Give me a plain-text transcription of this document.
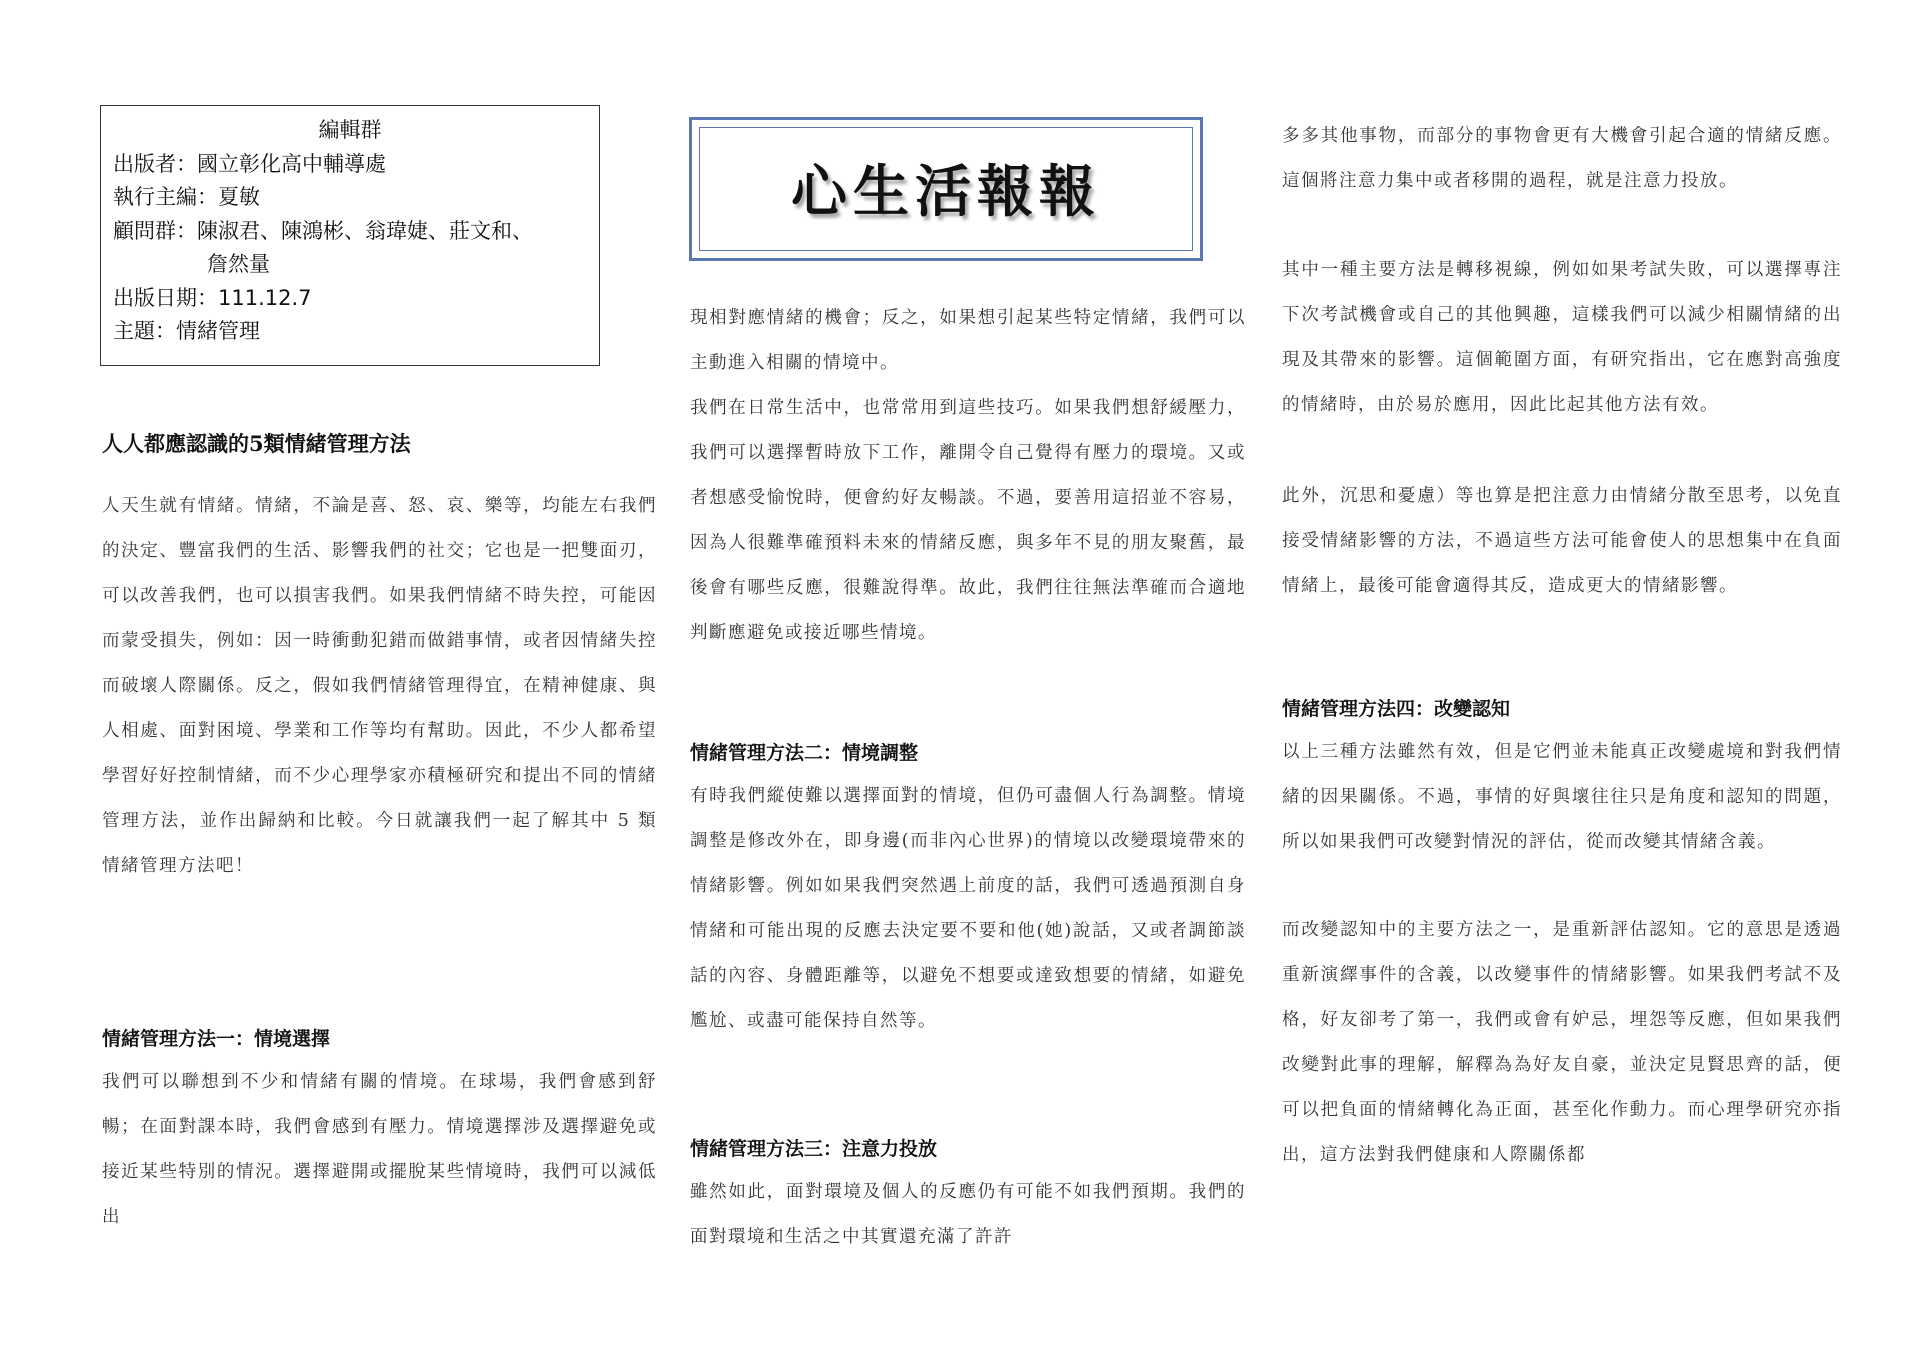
編輯群
出版者：國立彰化高中輔導處
執行主編：夏敏
顧問群：陳淑君、陳鴻彬、翁瑋婕、莊文和、
詹然量
出版日期：111.12.7
主題：情緒管理
心生活報報
人人都應認識的5類情緒管理方法

人天生就有情緒。情緒，不論是喜、怒、哀、樂等，均能左右我們的決定、豐富我們的生活、影響我們的社交；它也是一把雙面刃，可以改善我們，也可以損害我們。如果我們情緒不時失控，可能因而蒙受損失，例如：因一時衝動犯錯而做錯事情，或者因情緒失控而破壞人際關係。反之，假如我們情緒管理得宜，在精神健康、與人相處、面對困境、學業和工作等均有幫助。因此，不少人都希望學習好好控制情緒，而不少心理學家亦積極研究和提出不同的情緒管理方法，並作出歸納和比較。今日就讓我們一起了解其中 5 類情緒管理方法吧！

情緒管理方法一：情境選擇

我們可以聯想到不少和情緒有關的情境。在球場，我們會感到舒暢；在面對課本時，我們會感到有壓力。情境選擇涉及選擇避免或接近某些特別的情況。選擇避開或擺脫某些情境時，我們可以減低出

現相對應情緒的機會；反之，如果想引起某些特定情緒，我們可以主動進入相關的情境中。

我們在日常生活中，也常常用到這些技巧。如果我們想舒緩壓力，我們可以選擇暫時放下工作，離開令自己覺得有壓力的環境。又或者想感受愉悅時，便會約好友暢談。不過，要善用這招並不容易，因為人很難準確預料未來的情緒反應，與多年不見的朋友聚舊，最後會有哪些反應，很難說得準。故此，我們往往無法準確而合適地判斷應避免或接近哪些情境。

情緒管理方法二：情境調整

有時我們縱使難以選擇面對的情境，但仍可盡個人行為調整。情境調整是修改外在，即身邊(而非內心世界)的情境以改變環境帶來的情緒影響。例如如果我們突然遇上前度的話，我們可透過預測自身情緒和可能出現的反應去決定要不要和他(她)說話，又或者調節談話的內容、身體距離等，以避免不想要或達致想要的情緒，如避免尷尬、或盡可能保持自然等。

情緒管理方法三：注意力投放

雖然如此，面對環境及個人的反應仍有可能不如我們預期。我們的面對環境和生活之中其實還充滿了許許

多多其他事物，而部分的事物會更有大機會引起合適的情緒反應。這個將注意力集中或者移開的過程，就是注意力投放。

其中一種主要方法是轉移視線，例如如果考試失敗，可以選擇專注下次考試機會或自己的其他興趣，這樣我們可以減少相關情緒的出現及其帶來的影響。這個範圍方面，有研究指出，它在應對高強度的情緒時，由於易於應用，因此比起其他方法有效。

此外，沉思和憂慮）等也算是把注意力由情緒分散至思考，以免直接受情緒影響的方法，不過這些方法可能會使人的思想集中在負面情緒上，最後可能會適得其反，造成更大的情緒影響。

情緒管理方法四：改變認知

以上三種方法雖然有效，但是它們並未能真正改變處境和對我們情緒的因果關係。不過，事情的好與壞往往只是角度和認知的問題，所以如果我們可改變對情況的評估，從而改變其情緒含義。

而改變認知中的主要方法之一，是重新評估認知。它的意思是透過重新演繹事件的含義，以改變事件的情緒影響。如果我們考試不及格，好友卻考了第一，我們或會有妒忌，埋怨等反應，但如果我們改變對此事的理解，解釋為為好友自豪，並決定見賢思齊的話，便可以把負面的情緒轉化為正面，甚至化作動力。而心理學研究亦指出，這方法對我們健康和人際關係都
